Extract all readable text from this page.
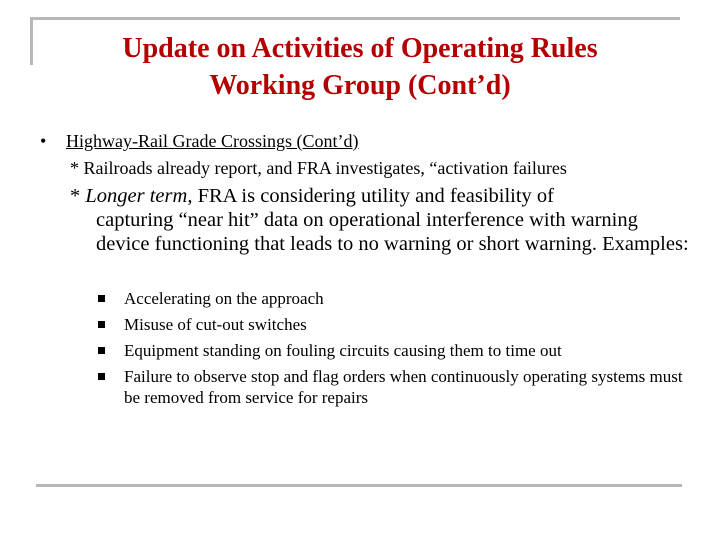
Update on Activities of Operating Rules
Working Group (Cont’d)
• Highway-Rail Grade Crossings (Cont’d)
* Railroads already report, and FRA investigates, “activation failures
* Longer term, FRA is considering utility and feasibility of
capturing “near hit” data on operational interference with warning device functioning that leads to no warning or short warning. Examples:
Accelerating on the approach
Misuse of cut-out switches
Equipment standing on fouling circuits causing them to time out
Failure to observe stop and flag orders when continuously operating systems must be removed from service for repairs
